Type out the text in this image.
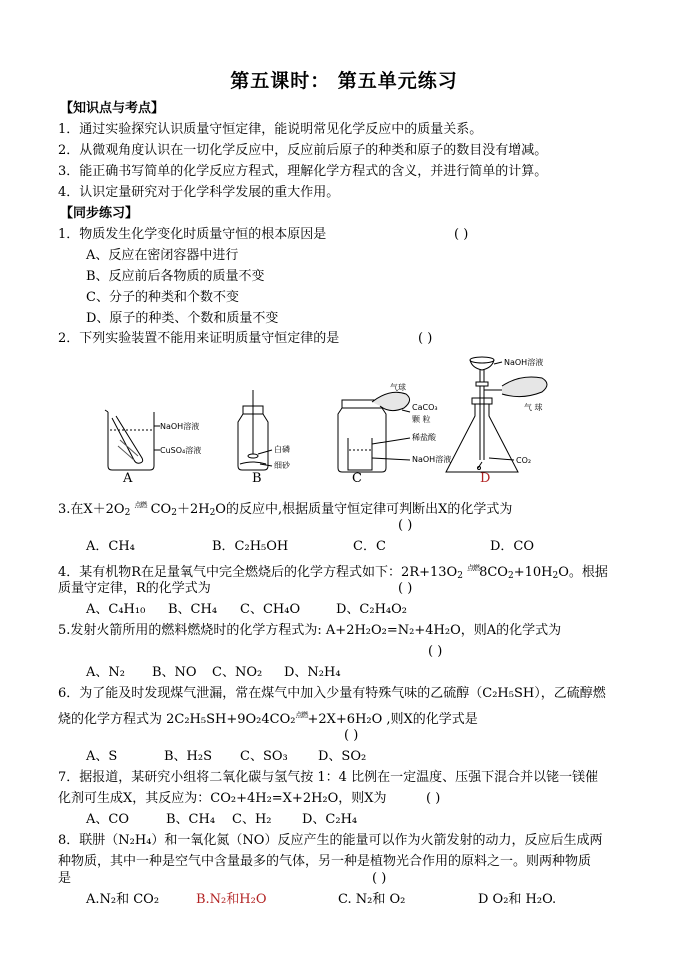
第五课时： 第五单元练习
【知识点与考点】
1．通过实验探究认识质量守恒定律，能说明常见化学反应中的质量关系。
2．从微观角度认识在一切化学反应中，反应前后原子的种类和原子的数目没有增减。
3．能正确书写简单的化学反应方程式，理解化学方程式的含义，并进行简单的计算。
4．认识定量研究对于化学科学发展的重大作用。
【同步练习】
1．物质发生化学变化时质量守恒的根本原因是	( )
A、反应在密闭容器中进行
B、反应前后各物质的质量不变
C、分子的种类和个数不变
D、原子的种类、个数和质量不变
2．下列实验装置不能用来证明质量守恒定律的是	( )
NaOH溶液
CuSO₄溶液	白磷
细砂
气球
CaCO₃
颗 粒
稀盐酸
NaOH溶液
NaOH溶液
气 球
CO₂
A	B	C	D
3.在$X+2O_2$ $^{点燃}$ $CO_2+2H_2O$的反应中,根据质量守恒定律可判断出X的化学式为
( )
A．CH₄	B．C₂H₅OH	C．C	D．CO
4．某有机物R在足量氧气中完全燃烧后的化学方程式如下：$2R+13O_2$ $^{点燃}8CO_2+10H_2O$。根据
质量守定律，R的化学式为	( )
A、C₄H₁₀ B、CH₄ C、CH₄O	D、C₂H₄O₂
5.发射火箭所用的燃料燃烧时的化学方程式为: A+2H₂O₂=N₂+4H₂O，则A的化学式为
( )
A、N₂ B、NO C、NO₂ D、N₂H₄
6．为了能及时发现煤气泄漏，常在煤气中加入少量有特殊气味的乙硫醇（C₂H₅SH），乙硫醇燃
烧的化学方程式为 2C₂H₅SH+9O₂4CO₂$^{点燃}$+2X+6H₂O ,则X的化学式是
( )
A、S	B、H₂S C、SO₃ D、SO₂
7．据报道，某研究小组将二氧化碳与氢气按 1：4 比例在一定温度、压强下混合并以铑一镁催
化剂可生成X，其反应为：CO₂+4H₂=X+2H₂O，则X为	( )
A、CO	B、CH₄ C、H₂ D、C₂H₄
8．联肼（N₂H₄）和一氧化氮（NO）反应产生的能量可以作为火箭发射的动力，反应后生成两
种物质，其中一种是空气中含量最多的气体，另一种是植物光合作用的原料之一。则两种物质
是	( )
A.N₂和 CO₂	B.N₂和H₂O	C. N₂和 O₂	D O₂和 H₂O.
